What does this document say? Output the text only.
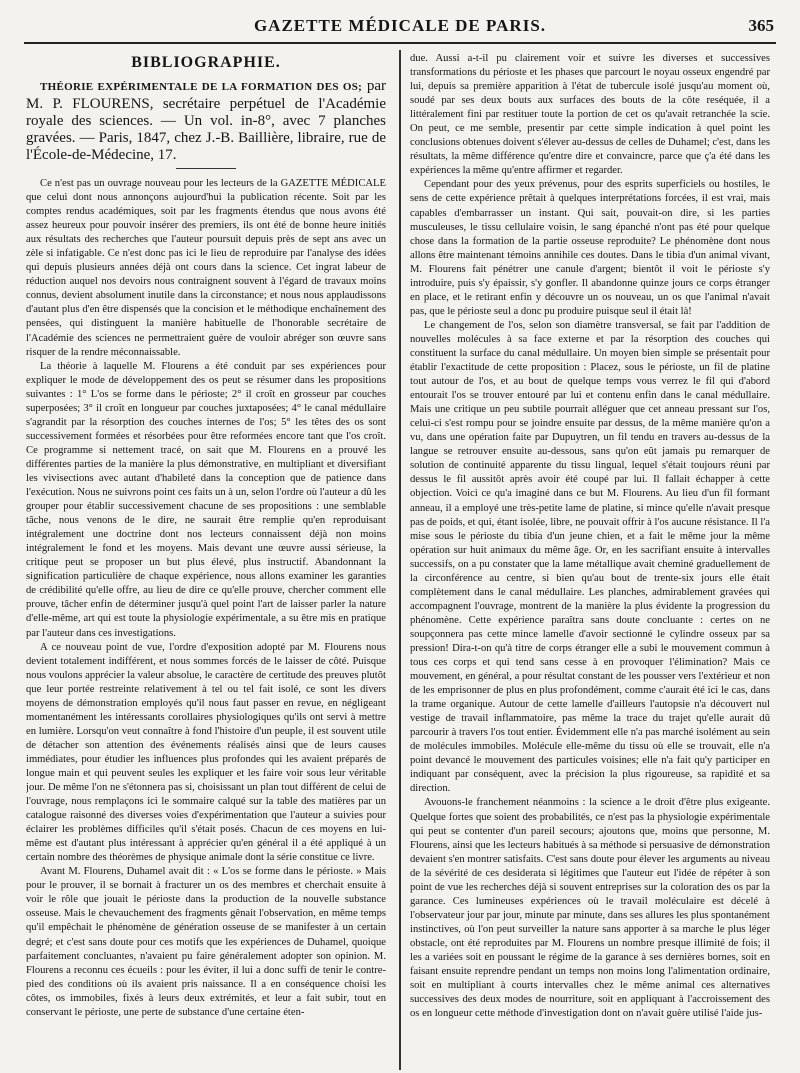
GAZETTE MÉDICALE DE PARIS.	365
BIBLIOGRAPHIE.

THÉORIE EXPÉRIMENTALE DE LA FORMATION DES OS; par M. P. FLOURENS, secrétaire perpétuel de l'Académie royale des sciences. — Un vol. in-8°, avec 7 planches gravées. — Paris, 1847, chez J.-B. Baillière, libraire, rue de l'École-de-Médecine, 17.

Ce n'est pas un ouvrage nouveau pour les lecteurs de la GAZETTE MÉDICALE que celui dont nous annonçons aujourd'hui la publication récente. Soit par les comptes rendus académiques, soit par les fragments étendus que nous avons été assez heureux pour pouvoir insérer des premiers, ils ont été de bonne heure initiés aux résultats des recherches que l'auteur poursuit depuis près de sept ans avec un zèle si infatigable. Ce n'est donc pas ici le lieu de reproduire par l'analyse des idées qui depuis plusieurs années déjà ont cours dans la science. Cet ingrat labeur de réduction auquel nos devoirs nous contraignent souvent à l'égard de travaux moins connus, devient absolument inutile dans la circonstance; et nous nous applaudissons d'autant plus d'en être dispensés que la concision et le méthodique enchaînement des pensées, qui distinguent la manière habituelle de l'honorable secrétaire de l'Académie des sciences ne permettraient guère de vouloir abréger son œuvre sans risquer de la rendre méconnaissable.

La théorie à laquelle M. Flourens a été conduit par ses expériences pour expliquer le mode de développement des os peut se résumer dans les propositions suivantes : 1° L'os se forme dans le périoste; 2° il croît en grosseur par couches superposées; 3° il croît en longueur par couches juxtaposées; 4° le canal médullaire s'agrandit par la résorption des couches internes de l'os; 5° les têtes des os sont successivement formées et résorbées pour être reformées encore tant que l'os croît. Ce programme si nettement tracé, on sait que M. Flourens en a prouvé les différentes parties de la manière la plus démonstrative, en multipliant et diversifiant les vivisections avec autant d'habileté dans la conception que de patience dans l'exécution. Nous ne suivrons point ces faits un à un, selon l'ordre où l'auteur a dû les grouper pour établir successivement chacune de ses propositions : une semblable tâche, nous venons de le dire, ne saurait être remplie qu'en reproduisant intégralement une doctrine dont nos lecteurs connaissent déjà non moins intégralement le fond et les moyens. Mais devant une œuvre aussi sérieuse, la critique peut se proposer un but plus élevé, plus instructif. Abandonnant la signification particulière de chaque expérience, nous allons examiner les garanties de crédibilité qu'elle offre, au lieu de dire ce qu'elle prouve, chercher comment elle prouve, tâcher enfin de déterminer jusqu'à quel point l'art de laisser parler la nature d'elle-même, art qui est toute la physiologie expérimentale, a su être mis en pratique par l'auteur dans ces investigations.

A ce nouveau point de vue, l'ordre d'exposition adopté par M. Flourens nous devient totalement indifférent, et nous sommes forcés de le laisser de côté. Puisque nous voulons apprécier la valeur absolue, le caractère de certitude des preuves plutôt que leur portée restreinte relativement à tel ou tel fait isolé, ce sont les divers moyens de démonstration employés qu'il nous faut passer en revue, en négligeant momentanément les intéressants corollaires physiologiques qu'ils ont servi à mettre en lumière. Lorsqu'on veut connaître à fond l'histoire d'un peuple, il est souvent utile de détacher son attention des événements réalisés ainsi que de leurs causes immédiates, pour étudier les influences plus profondes qui les avaient préparés de longue main et qui peuvent seules les expliquer et les faire voir sous leur véritable jour. De même l'on ne s'étonnera pas si, choisissant un plan tout différent de celui de l'ouvrage, nous remplaçons ici le sommaire calqué sur la table des matières par un catalogue raisonné des diverses voies d'expérimentation que l'auteur a suivies pour éclairer les problèmes difficiles qu'il s'était posés. Chacun de ces moyens en lui-même est d'autant plus intéressant à apprécier qu'en général il a été appliqué à un certain nombre des théorèmes de physique animale dont la série constitue ce livre.

Avant M. Flourens, Duhamel avait dit : « L'os se forme dans le périoste. » Mais pour le prouver, il se bornait à fracturer un os des membres et cherchait ensuite à voir le rôle que jouait le périoste dans la production de la nouvelle substance osseuse. Mais le chevauchement des fragments gênait l'observation, en même temps qu'il empêchait le phénomène de génération osseuse de se manifester à un certain degré; et c'est sans doute pour ces motifs que les expériences de Duhamel, quoique parfaitement concluantes, n'avaient pu faire généralement adopter son opinion. M. Flourens a reconnu ces écueils : pour les éviter, il lui a donc suffi de tenir le contre-pied des conditions où ils avaient pris naissance. Il a en conséquence choisi les côtes, os immobiles, fixés à leurs deux extrémités, et leur a fait subir, tout en conservant le périoste, une perte de substance d'une certaine éten-

due. Aussi a-t-il pu clairement voir et suivre les diverses et successives transformations du périoste et les phases que parcourt le noyau osseux engendré par lui, depuis sa première apparition à l'état de tubercule isolé jusqu'au moment où, soudé par ses deux bouts aux surfaces des bouts de la côte reséquée, il a littéralement fini par restituer toute la portion de cet os qu'avait retranchée la scie. On peut, ce me semble, presentir par cette simple indication à quel point les conclusions obtenues doivent s'élever au-dessus de celles de Duhamel; c'est, dans les résultats, la même différence qu'entre dire et convaincre, parce que ç'a été dans les expériences la même qu'entre affirmer et regarder.

Cependant pour des yeux prévenus, pour des esprits superficiels ou hostiles, le sens de cette expérience prêtait à quelques interprétations forcées, il est vrai, mais capables d'embarrasser un instant. Qui sait, pouvait-on dire, si les parties musculeuses, le tissu cellulaire voisin, le sang épanché n'ont pas été pour quelque chose dans la formation de la partie osseuse reproduite? Le phénomène dont nous allons être maintenant témoins annihile ces doutes. Dans le tibia d'un animal vivant, M. Flourens fait pénétrer une canule d'argent; bientôt il voit le périoste s'y introduire, puis s'y épaissir, s'y gonfler. Il abandonne quinze jours ce corps étranger en place, et le retirant enfin y découvre un os nouveau, un os que l'animal n'avait pas, que le périoste seul a donc pu produire puisque seul il était là!

Le changement de l'os, selon son diamètre transversal, se fait par l'addition de nouvelles molécules à sa face externe et par la résorption des couches qui constituent la surface du canal médullaire. Un moyen bien simple se présentait pour établir l'exactitude de cette proposition : Placez, sous le périoste, un fil de platine tout autour de l'os, et au bout de quelque temps vous verrez le fil qui d'abord entourait l'os se trouver entouré par lui et contenu enfin dans le canal médullaire. Mais une critique un peu subtile pourrait alléguer que cet anneau pressant sur l'os, celui-ci s'est rompu pour se joindre ensuite par dessus, de la même manière qu'on a vu, dans une opération faite par Dupuytren, un fil tendu en travers au-dessus de la langue se retrouver ensuite au-dessous, sans qu'on eût jamais pu remarquer de solution de continuité apparente du tissu lingual, lequel s'était toujours réuni par dessus le fil aussitôt après avoir été coupé par lui. Il fallait échapper à cette objection. Voici ce qu'a imaginé dans ce but M. Flourens. Au lieu d'un fil formant anneau, il a employé une très-petite lame de platine, si mince qu'elle n'avait presque pas de poids, et qui, étant isolée, libre, ne pouvait offrir à l'os aucune résistance. Il l'a mise sous le périoste du tibia d'un jeune chien, et a fait le même jour la même opération sur huit animaux du même âge. Or, en les sacrifiant ensuite à intervalles successifs, on a pu constater que la lame métallique avait cheminé graduellement de la circonférence au centre, si bien qu'au bout de trente-six jours elle était complètement dans le canal médullaire. Les planches, admirablement gravées qui accompagnent l'ouvrage, montrent de la manière la plus évidente la progression du phénomène. Cette expérience paraîtra sans doute concluante : certes on ne soupçonnera pas cette mince lamelle d'avoir sectionné le cylindre osseux par sa pression! Dira-t-on qu'à titre de corps étranger elle a subi le mouvement commun à tous ces corps et qui tend sans cesse à en provoquer l'élimination? Mais ce mouvement, en général, a pour résultat constant de les pousser vers l'extérieur et non de les emprisonner de plus en plus profondément, comme c'aurait été ici le cas, dans la trame organique. Autour de cette lamelle d'ailleurs l'autopsie n'a découvert nul vestige de travail inflammatoire, pas même la trace du trajet qu'elle aurait dû parcourir à travers l'os tout entier. Évidemment elle n'a pas marché isolément au sein de molécules immobiles. Molécule elle-même du tissu où elle se trouvait, elle n'a point devancé le mouvement des particules voisines; elle n'a fait qu'y participer en indiquant par conséquent, avec la précision la plus rigoureuse, sa rapidité et sa direction.

Avouons-le franchement néanmoins : la science a le droit d'être plus exigeante. Quelque fortes que soient des probabilités, ce n'est pas la physiologie expérimentale qui peut se contenter d'un pareil secours; ajoutons que, moins que personne, M. Flourens, ainsi que les lecteurs habitués à sa méthode si persuasive de démonstration devaient s'en montrer satisfaits. C'est sans doute pour élever les arguments au niveau de la sévérité de ces desiderata si légitimes que l'auteur eut l'idée de répéter à son point de vue les recherches déjà si souvent entreprises sur la coloration des os par la garance. Ces lumineuses expériences où le travail moléculaire est décelé à l'observateur jour par jour, minute par minute, dans ses allures les plus spontanément instinctives, où l'on peut surveiller la nature sans apporter à sa marche le plus léger obstacle, ont été reproduites par M. Flourens un nombre presque illimité de fois; il les a variées soit en poussant le régime de la garance à ses dernières bornes, soit en faisant ensuite reprendre pendant un temps non moins long l'alimentation ordinaire, soit en multipliant à courts intervalles chez le même animal ces alternatives successives des deux modes de nourriture, soit en appliquant à l'accroissement des os en longueur cette méthode d'investigation dont on n'avait guère utilisé l'aide jus-
